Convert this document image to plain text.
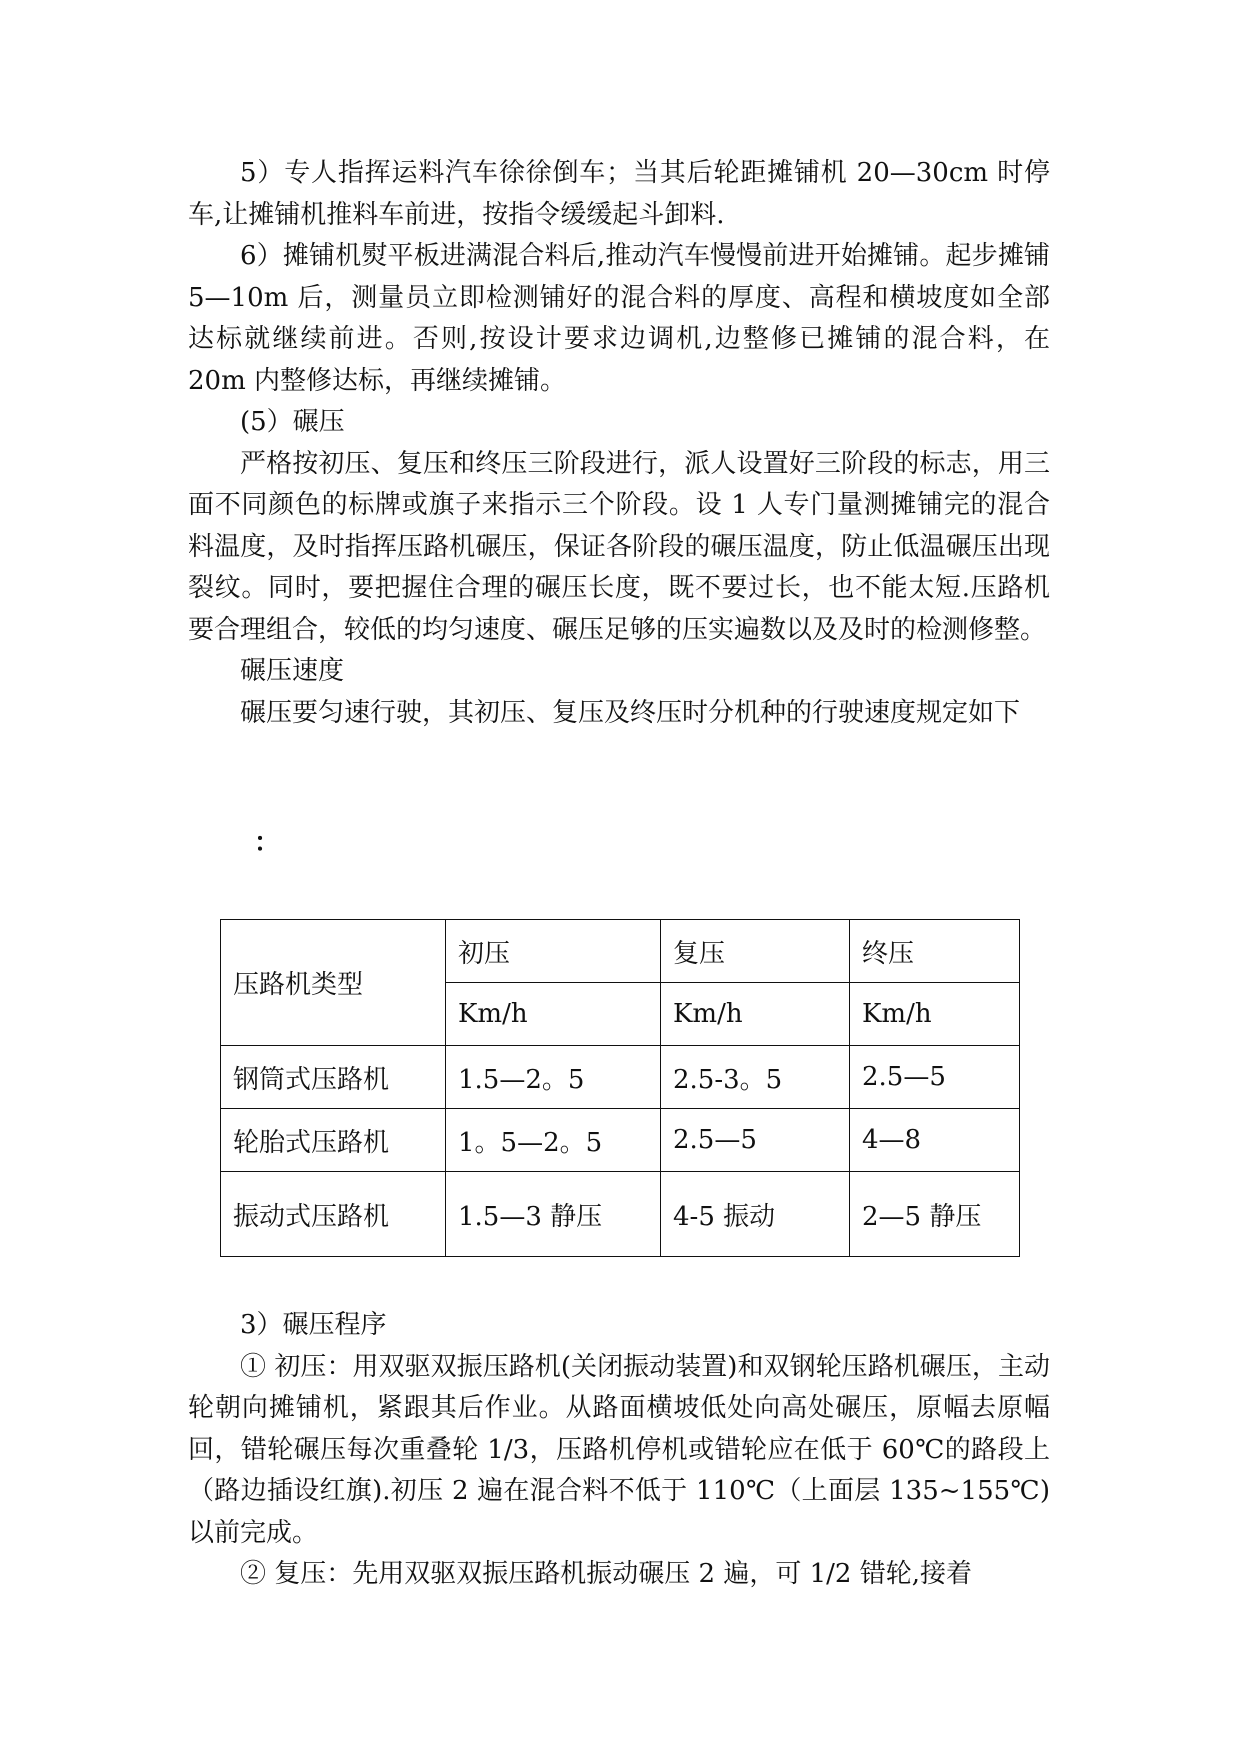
5）专人指挥运料汽车徐徐倒车；当其后轮距摊铺机 20—30cm 时停车,让摊铺机推料车前进，按指令缓缓起斗卸料.

6）摊铺机熨平板进满混合料后,推动汽车慢慢前进开始摊铺。起步摊铺 5—10m 后，测量员立即检测铺好的混合料的厚度、高程和横坡度如全部达标就继续前进。否则,按设计要求边调机,边整修已摊铺的混合料，在 20m 内整修达标，再继续摊铺。

(5）碾压

严格按初压、复压和终压三阶段进行，派人设置好三阶段的标志，用三面不同颜色的标牌或旗子来指示三个阶段。设 1 人专门量测摊铺完的混合料温度，及时指挥压路机碾压，保证各阶段的碾压温度，防止低温碾压出现裂纹。同时，要把握住合理的碾压长度，既不要过长，也不能太短.压路机要合理组合，较低的均匀速度、碾压足够的压实遍数以及及时的检测修整。

碾压速度

碾压要匀速行驶，其初压、复压及终压时分机种的行驶速度规定如下

：
压路机类型	初压	复压	终压
	Km/h	Km/h	Km/h
钢筒式压路机	1.5—2。5	2.5-3。5	2.5—5
轮胎式压路机	1。5—2。5	2.5—5	4—8
振动式压路机	1.5—3 静压	4-5 振动	2—5 静压

3）碾压程序

① 初压：用双驱双振压路机(关闭振动装置)和双钢轮压路机碾压，主动轮朝向摊铺机，紧跟其后作业。从路面横坡低处向高处碾压，原幅去原幅回，错轮碾压每次重叠轮 1/3，压路机停机或错轮应在低于 60℃的路段上（路边插设红旗).初压 2 遍在混合料不低于 110℃（上面层 135~155℃)以前完成。

② 复压：先用双驱双振压路机振动碾压 2 遍，可 1/2 错轮,接着
